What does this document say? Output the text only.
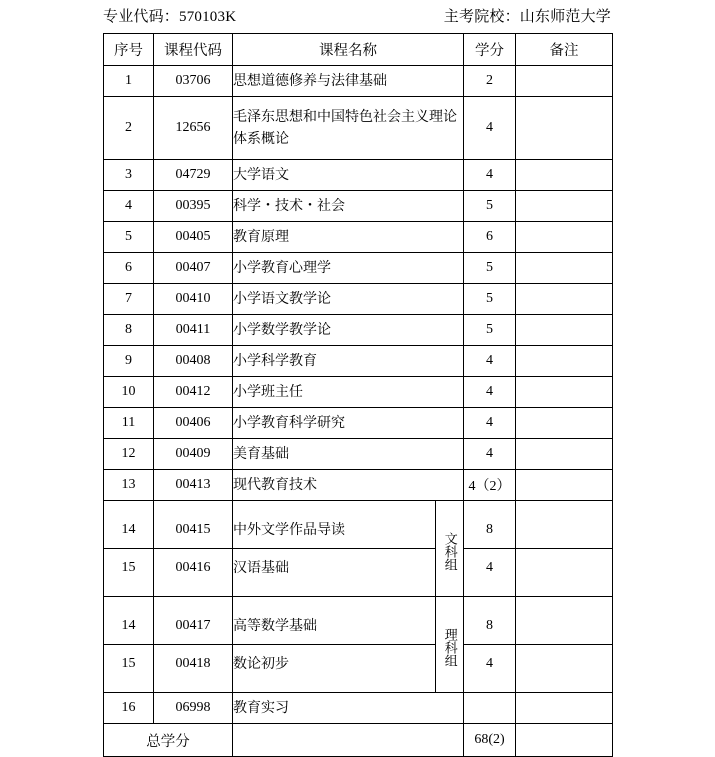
专业代码：570103K	主考院校：山东师范大学
序号	课程代码	课程名称		学分	备注
1	03706	思想道德修养与法律基础		2	
2	12656	毛泽东思想和中国特色社会主义理论体系概论		4	
3	04729	大学语文		4	
4	00395	科学・技术・社会		5	
5	00405	教育原理		6	
6	00407	小学教育心理学		5	
7	00410	小学语文教学论		5	
8	00411	小学数学教学论		5	
9	00408	小学科学教育		4	
10	00412	小学班主任		4	
11	00406	小学教育科学研究		4	
12	00409	美育基础		4	
13	00413	现代教育技术		4（2）	
14	00415	中外文学作品导读	文科组	8	
15	00416	汉语基础		4	
14	00417	高等数学基础	理科组	8	
15	00418	数论初步		4	
16	06998	教育实习			
总学分				68(2)	
